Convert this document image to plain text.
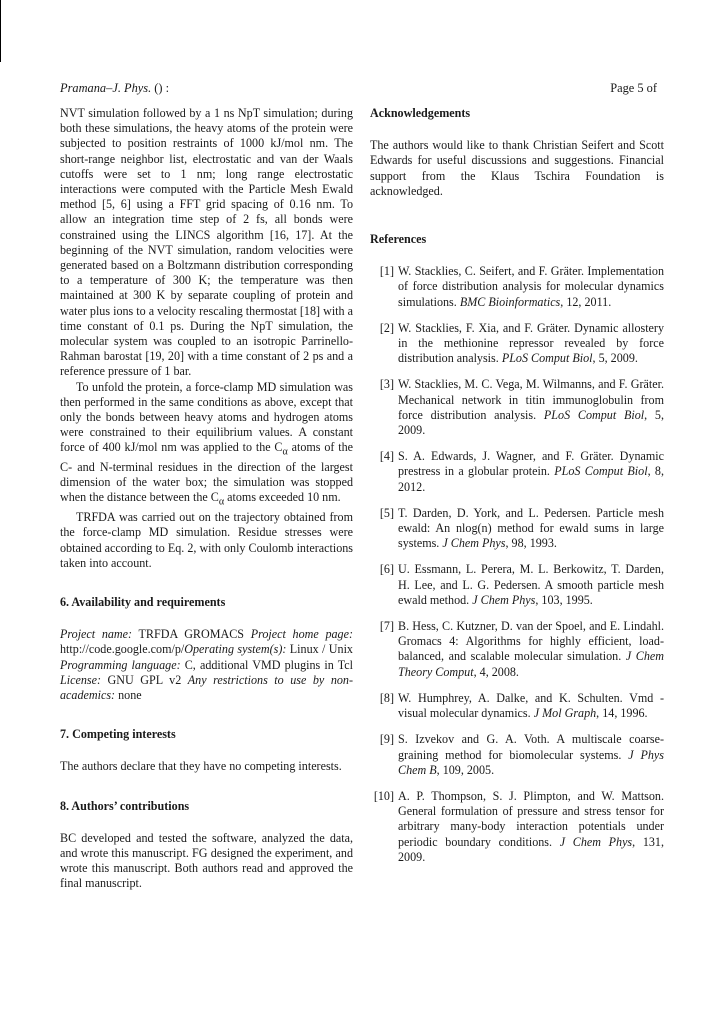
Pramana–J. Phys. () :	Page 5 of

NVT simulation followed by a 1 ns NpT simulation; during both these simulations, the heavy atoms of the protein were subjected to position restraints of 1000 kJ/mol nm. The short-range neighbor list, electrostatic and van der Waals cutoffs were set to 1 nm; long range electrostatic interactions were computed with the Particle Mesh Ewald method [5, 6] using a FFT grid spacing of 0.16 nm. To allow an integration time step of 2 fs, all bonds were constrained using the LINCS algorithm [16, 17]. At the beginning of the NVT simulation, random velocities were generated based on a Boltzmann distribution corresponding to a temperature of 300 K; the temperature was then maintained at 300 K by separate coupling of protein and water plus ions to a velocity rescaling thermostat [18] with a time constant of 0.1 ps. During the NpT simulation, the molecular system was coupled to an isotropic Parrinello-Rahman barostat [19, 20] with a time constant of 2 ps and a reference pressure of 1 bar.

To unfold the protein, a force-clamp MD simulation was then performed in the same conditions as above, except that only the bonds between heavy atoms and hydrogen atoms were constrained to their equilibrium values. A constant force of 400 kJ/mol nm was applied to the $C_\alpha$ atoms of the C- and N-terminal residues in the direction of the largest dimension of the water box; the simulation was stopped when the distance between the $C_\alpha$ atoms exceeded 10 nm.

TRFDA was carried out on the trajectory obtained from the force-clamp MD simulation. Residue stresses were obtained according to Eq. 2, with only Coulomb interactions taken into account.

6. Availability and requirements

Project name: TRFDA GROMACS Project home page: http://code.google.com/p/Operating system(s): Linux / Unix Programming language: C, additional VMD plugins in Tcl License: GNU GPL v2 Any restrictions to use by non-academics: none

7. Competing interests

The authors declare that they have no competing interests.

8. Authors’ contributions

BC developed and tested the software, analyzed the data, and wrote this manuscript. FG designed the experiment, and wrote this manuscript. Both authors read and approved the final manuscript.

Acknowledgements

The authors would like to thank Christian Seifert and Scott Edwards for useful discussions and suggestions. Financial support from the Klaus Tschira Foundation is acknowledged.

References
[1] W. Stacklies, C. Seifert, and F. Gräter. Implementation of force distribution analysis for molecular dynamics simulations. BMC Bioinformatics, 12, 2011.
[2] W. Stacklies, F. Xia, and F. Gräter. Dynamic allostery in the methionine repressor revealed by force distribution analysis. PLoS Comput Biol, 5, 2009.
[3] W. Stacklies, M. C. Vega, M. Wilmanns, and F. Gräter. Mechanical network in titin immunoglobulin from force distribution analysis. PLoS Comput Biol, 5, 2009.
[4] S. A. Edwards, J. Wagner, and F. Gräter. Dynamic prestress in a globular protein. PLoS Comput Biol, 8, 2012.
[5] T. Darden, D. York, and L. Pedersen. Particle mesh ewald: An nlog(n) method for ewald sums in large systems. J Chem Phys, 98, 1993.
[6] U. Essmann, L. Perera, M. L. Berkowitz, T. Darden, H. Lee, and L. G. Pedersen. A smooth particle mesh ewald method. J Chem Phys, 103, 1995.
[7] B. Hess, C. Kutzner, D. van der Spoel, and E. Lindahl. Gromacs 4: Algorithms for highly efficient, load-balanced, and scalable molecular simulation. J Chem Theory Comput, 4, 2008.
[8] W. Humphrey, A. Dalke, and K. Schulten. Vmd - visual molecular dynamics. J Mol Graph, 14, 1996.
[9] S. Izvekov and G. A. Voth. A multiscale coarse-graining method for biomolecular systems. J Phys Chem B, 109, 2005.
[10] A. P. Thompson, S. J. Plimpton, and W. Mattson. General formulation of pressure and stress tensor for arbitrary many-body interaction potentials under periodic boundary conditions. J Chem Phys, 131, 2009.
